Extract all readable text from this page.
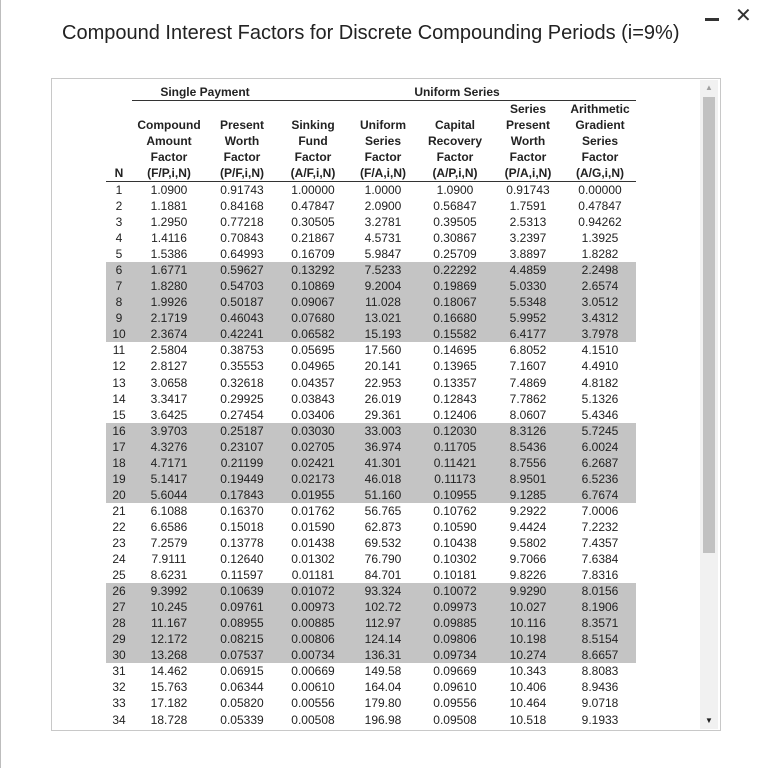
Compound Interest Factors for Discrete Compounding Periods (i=9%)
✕
	Single Payment		Uniform Series				
						Series	Arithmetic
	Compound	Present	Sinking	Uniform	Capital	Present	Gradient
	Amount	Worth	Fund	Series	Recovery	Worth	Series
	Factor	Factor	Factor	Factor	Factor	Factor	Factor
N	(F/P,i,N)	(P/F,i,N)	(A/F,i,N)	(F/A,i,N)	(A/P,i,N)	(P/A,i,N)	(A/G,i,N)
1	1.0900	0.91743	1.00000	1.0000	1.0900	0.91743	0.00000
2	1.1881	0.84168	0.47847	2.0900	0.56847	1.7591	0.47847
3	1.2950	0.77218	0.30505	3.2781	0.39505	2.5313	0.94262
4	1.4116	0.70843	0.21867	4.5731	0.30867	3.2397	1.3925
5	1.5386	0.64993	0.16709	5.9847	0.25709	3.8897	1.8282
6	1.6771	0.59627	0.13292	7.5233	0.22292	4.4859	2.2498
7	1.8280	0.54703	0.10869	9.2004	0.19869	5.0330	2.6574
8	1.9926	0.50187	0.09067	11.028	0.18067	5.5348	3.0512
9	2.1719	0.46043	0.07680	13.021	0.16680	5.9952	3.4312
10	2.3674	0.42241	0.06582	15.193	0.15582	6.4177	3.7978
11	2.5804	0.38753	0.05695	17.560	0.14695	6.8052	4.1510
12	2.8127	0.35553	0.04965	20.141	0.13965	7.1607	4.4910
13	3.0658	0.32618	0.04357	22.953	0.13357	7.4869	4.8182
14	3.3417	0.29925	0.03843	26.019	0.12843	7.7862	5.1326
15	3.6425	0.27454	0.03406	29.361	0.12406	8.0607	5.4346
16	3.9703	0.25187	0.03030	33.003	0.12030	8.3126	5.7245
17	4.3276	0.23107	0.02705	36.974	0.11705	8.5436	6.0024
18	4.7171	0.21199	0.02421	41.301	0.11421	8.7556	6.2687
19	5.1417	0.19449	0.02173	46.018	0.11173	8.9501	6.5236
20	5.6044	0.17843	0.01955	51.160	0.10955	9.1285	6.7674
21	6.1088	0.16370	0.01762	56.765	0.10762	9.2922	7.0006
22	6.6586	0.15018	0.01590	62.873	0.10590	9.4424	7.2232
23	7.2579	0.13778	0.01438	69.532	0.10438	9.5802	7.4357
24	7.9111	0.12640	0.01302	76.790	0.10302	9.7066	7.6384
25	8.6231	0.11597	0.01181	84.701	0.10181	9.8226	7.8316
26	9.3992	0.10639	0.01072	93.324	0.10072	9.9290	8.0156
27	10.245	0.09761	0.00973	102.72	0.09973	10.027	8.1906
28	11.167	0.08955	0.00885	112.97	0.09885	10.116	8.3571
29	12.172	0.08215	0.00806	124.14	0.09806	10.198	8.5154
30	13.268	0.07537	0.00734	136.31	0.09734	10.274	8.6657
31	14.462	0.06915	0.00669	149.58	0.09669	10.343	8.8083
32	15.763	0.06344	0.00610	164.04	0.09610	10.406	8.9436
33	17.182	0.05820	0.00556	179.80	0.09556	10.464	9.0718
34	18.728	0.05339	0.00508	196.98	0.09508	10.518	9.1933
▲
▼
